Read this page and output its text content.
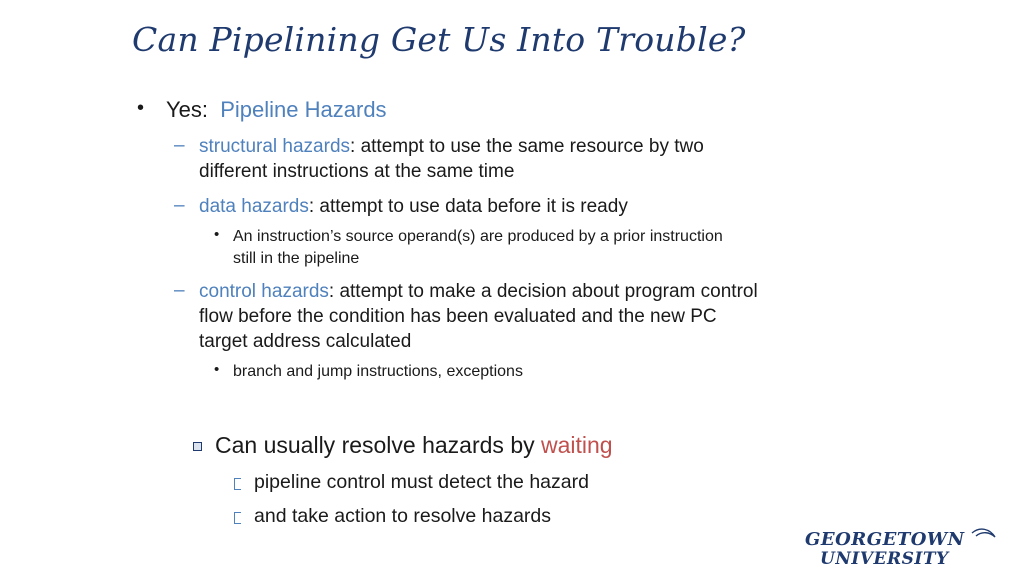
Can Pipelining Get Us Into Trouble?
• Yes: Pipeline Hazards
– structural hazards: attempt to use the same resource by two
different instructions at the same time
– data hazards: attempt to use data before it is ready
• An instruction’s source operand(s) are produced by a prior instruction
still in the pipeline
– control hazards: attempt to make a decision about program control
flow before the condition has been evaluated and the new PC
target address calculated
• branch and jump instructions, exceptions
Can usually resolve hazards by waiting
pipeline control must detect the hazard
and take action to resolve hazards
GEORGETOWN
UNIVERSITY
